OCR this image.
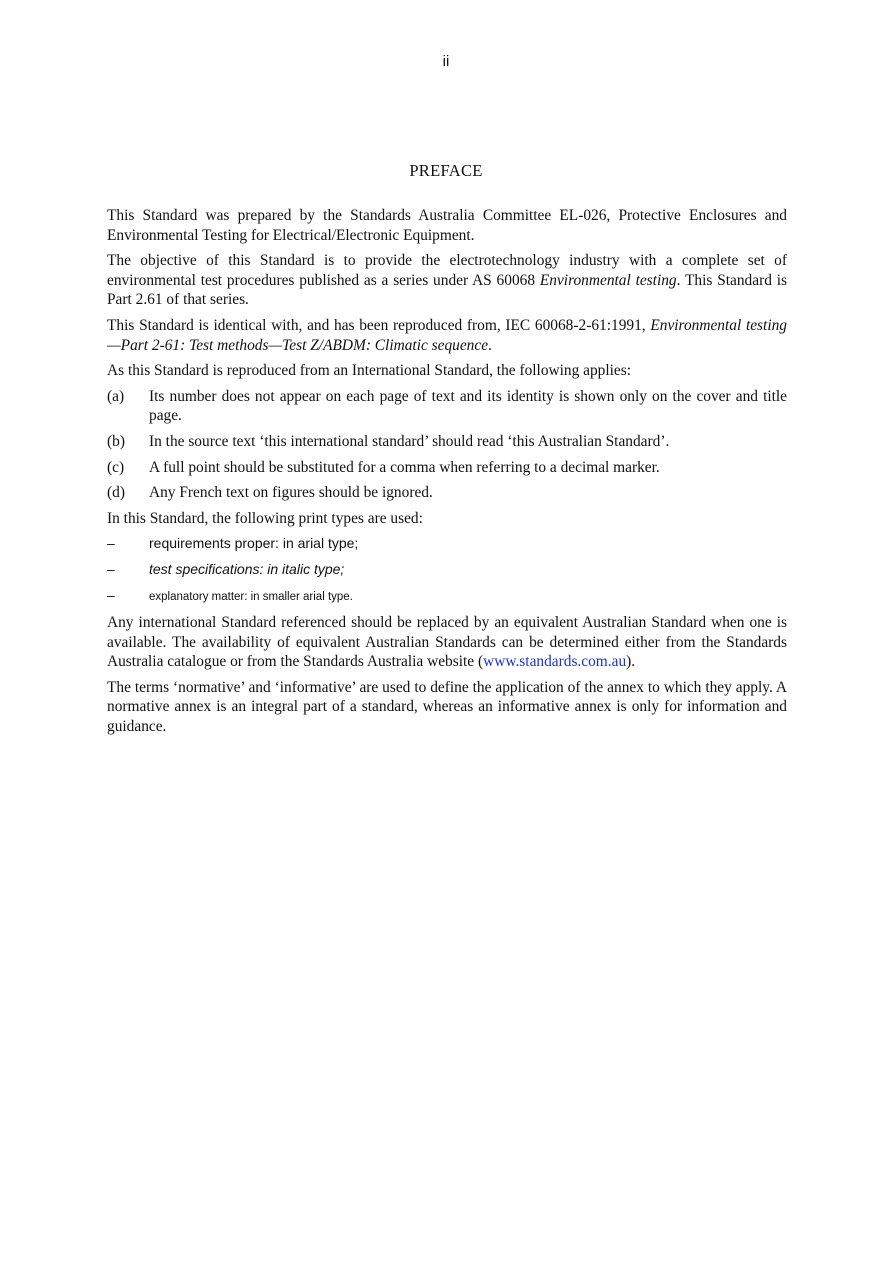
ii
PREFACE

This Standard was prepared by the Standards Australia Committee EL-026, Protective Enclosures and Environmental Testing for Electrical/Electronic Equipment.

The objective of this Standard is to provide the electrotechnology industry with a complete set of environmental test procedures published as a series under AS 60068 Environmental testing. This Standard is Part 2.61 of that series.

This Standard is identical with, and has been reproduced from, IEC 60068-2-61:1991, Environmental testing—Part 2-61: Test methods—Test Z/ABDM: Climatic sequence.

As this Standard is reproduced from an International Standard, the following applies:

(a)	Its number does not appear on each page of text and its identity is shown only on the cover and title page.
(b)	In the source text ‘this international standard’ should read ‘this Australian Standard’.
(c)	A full point should be substituted for a comma when referring to a decimal marker.
(d)	Any French text on figures should be ignored.

In this Standard, the following print types are used:

–	requirements proper: in arial type;
–	test specifications: in italic type;
–	explanatory matter: in smaller arial type.

Any international Standard referenced should be replaced by an equivalent Australian Standard when one is available. The availability of equivalent Australian Standards can be determined either from the Standards Australia catalogue or from the Standards Australia website (www.standards.com.au).

The terms ‘normative’ and ‘informative’ are used to define the application of the annex to which they apply. A normative annex is an integral part of a standard, whereas an informative annex is only for information and guidance.
